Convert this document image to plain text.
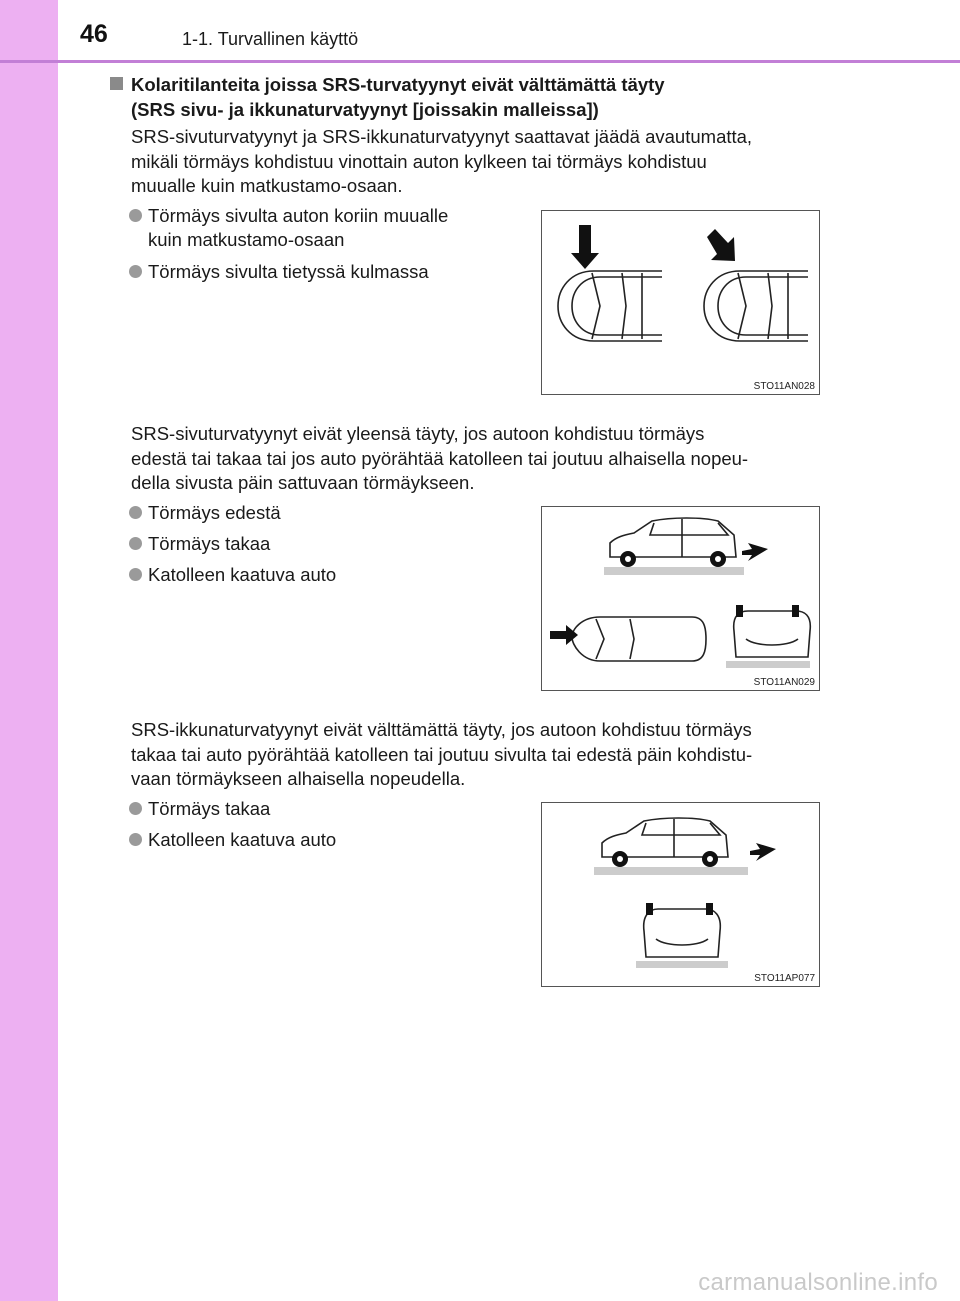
46	1-1. Turvallinen käyttö
Kolaritilanteita joissa SRS-turvatyynyt eivät välttämättä täyty
(SRS sivu- ja ikkunaturvatyynyt [joissakin malleissa])
SRS-sivuturvatyynyt ja SRS-ikkunaturvatyynyt saattavat jäädä avautumatta,
mikäli törmäys kohdistuu vinottain auton kylkeen tai törmäys kohdistuu
muualle kuin matkustamo-osaan.
Törmäys sivulta auton koriin muualle
kuin matkustamo-osaan
Törmäys sivulta tietyssä kulmassa
STO11AN028
SRS-sivuturvatyynyt eivät yleensä täyty, jos autoon kohdistuu törmäys
edestä tai takaa tai jos auto pyörähtää katolleen tai joutuu alhaisella nopeu-
della sivusta päin sattuvaan törmäykseen.
Törmäys edestä
Törmäys takaa
Katolleen kaatuva auto
STO11AN029
SRS-ikkunaturvatyynyt eivät välttämättä täyty, jos autoon kohdistuu törmäys
takaa tai auto pyörähtää katolleen tai joutuu sivulta tai edestä päin kohdistu-
vaan törmäykseen alhaisella nopeudella.
Törmäys takaa
Katolleen kaatuva auto
STO11AP077
carmanualsonline.info
